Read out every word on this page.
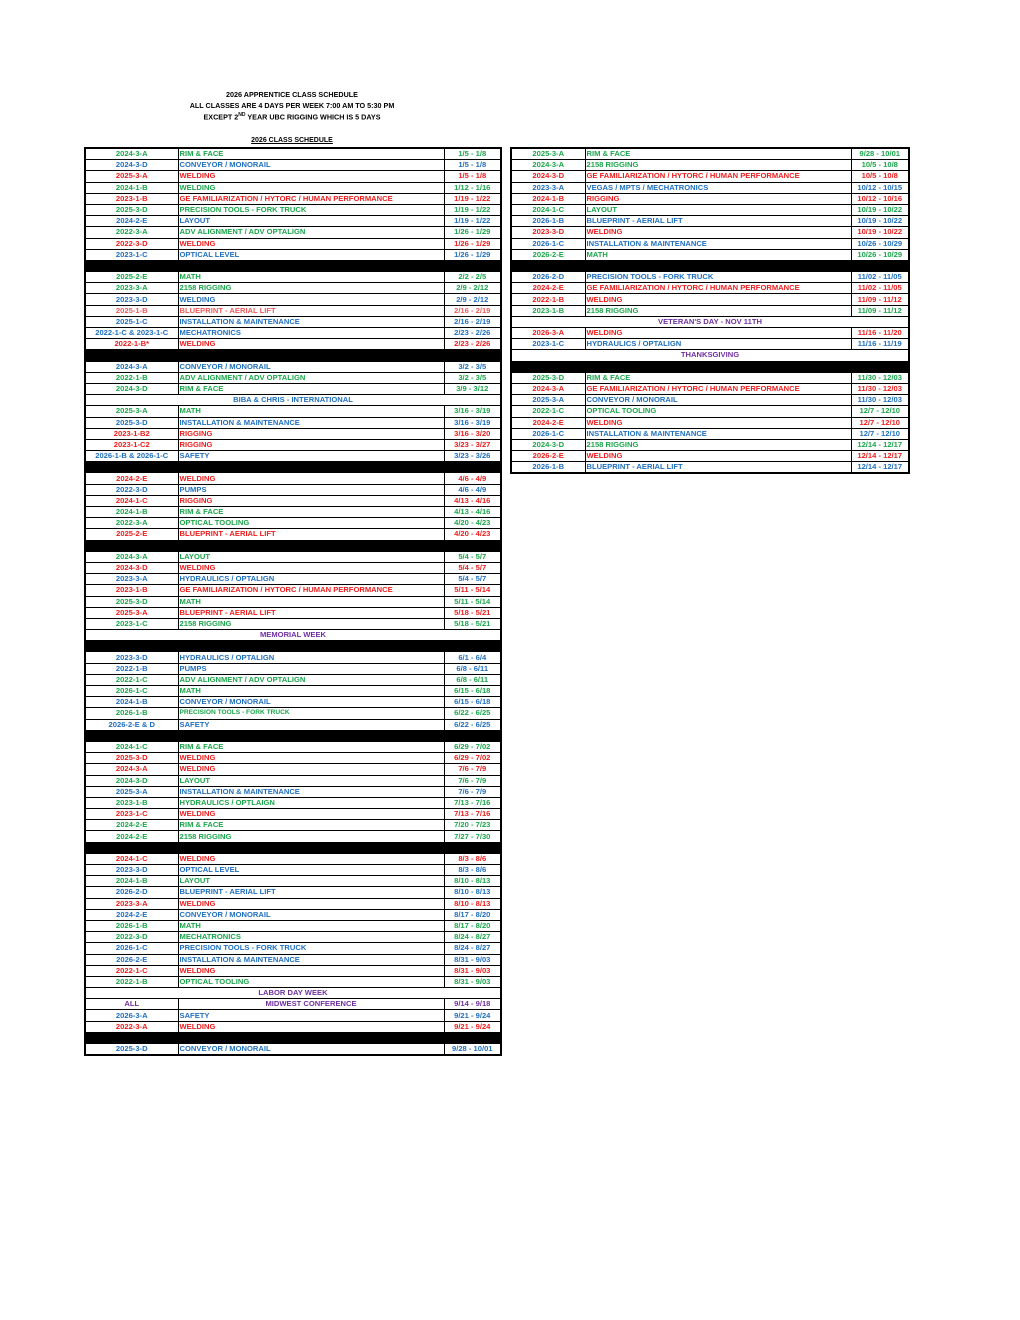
2026 APPRENTICE CLASS SCHEDULE
ALL CLASSES ARE 4 DAYS PER WEEK 7:00 AM TO 5:30 PM
EXCEPT 2ND YEAR UBC RIGGING WHICH IS 5 DAYS
2026 CLASS SCHEDULE
2024-3-A	RIM & FACE	1/5 - 1/8
2024-3-D	CONVEYOR / MONORAIL	1/5 - 1/8
2025-3-A	WELDING	1/5 - 1/8
2024-1-B	WELDING	1/12 - 1/16
2023-1-B	GE FAMILIARIZATION / HYTORC / HUMAN PERFORMANCE	1/19 - 1/22
2025-3-D	PRECISION TOOLS - FORK TRUCK	1/19 - 1/22
2024-2-E	LAYOUT	1/19 - 1/22
2022-3-A	ADV ALIGNMENT / ADV OPTALIGN	1/26 - 1/29
2022-3-D	WELDING	1/26 - 1/29
2023-1-C	OPTICAL LEVEL	1/26 - 1/29

2025-2-E	MATH	2/2 - 2/5
2023-3-A	2158 RIGGING	2/9 - 2/12
2023-3-D	WELDING	2/9 - 2/12
2025-1-B	BLUEPRINT - AERIAL LIFT	2/16 - 2/19
2025-1-C	INSTALLATION & MAINTENANCE	2/16 - 2/19
2022-1-C & 2023-1-C	MECHATRONICS	2/23 - 2/26
2022-1-B*	WELDING	2/23 - 2/26

2024-3-A	CONVEYOR / MONORAIL	3/2 - 3/5
2022-1-B	ADV ALIGNMENT / ADV OPTALIGN	3/2 - 3/5
2024-3-D	RIM & FACE	3/9 - 3/12
BIBA & CHRIS - INTERNATIONAL		
2025-3-A	MATH	3/16 - 3/19
2025-3-D	INSTALLATION & MAINTENANCE	3/16 - 3/19
2023-1-B2	RIGGING	3/16 - 3/20
2023-1-C2	RIGGING	3/23 - 3/27
2026-1-B & 2026-1-C	SAFETY	3/23 - 3/26

2024-2-E	WELDING	4/6 - 4/9
2022-3-D	PUMPS	4/6 - 4/9
2024-1-C	RIGGING	4/13 - 4/16
2024-1-B	RIM & FACE	4/13 - 4/16
2022-3-A	OPTICAL TOOLING	4/20 - 4/23
2025-2-E	BLUEPRINT - AERIAL LIFT	4/20 - 4/23

2024-3-A	LAYOUT	5/4 - 5/7
2024-3-D	WELDING	5/4 - 5/7
2023-3-A	HYDRAULICS / OPTALIGN	5/4 - 5/7
2023-1-B	GE FAMILIARIZATION / HYTORC / HUMAN PERFORMANCE	5/11 - 5/14
2025-3-D	MATH	5/11 - 5/14
2025-3-A	BLUEPRINT - AERIAL LIFT	5/18 - 5/21
2023-1-C	2158 RIGGING	5/18 - 5/21
MEMORIAL WEEK		

2023-3-D	HYDRAULICS / OPTALIGN	6/1 - 6/4
2022-1-B	PUMPS	6/8 - 6/11
2022-1-C	ADV ALIGNMENT / ADV OPTALIGN	6/8 - 6/11
2026-1-C	MATH	6/15 - 6/18
2024-1-B	CONVEYOR / MONORAIL	6/15 - 6/18
2026-1-B	PRECISION TOOLS - FORK TRUCK	6/22 - 6/25
2026-2-E & D	SAFETY	6/22 - 6/25

2024-1-C	RIM & FACE	6/29 - 7/02
2025-3-D	WELDING	6/29 - 7/02
2024-3-A	WELDING	7/6 - 7/9
2024-3-D	LAYOUT	7/6 - 7/9
2025-3-A	INSTALLATION & MAINTENANCE	7/6 - 7/9
2023-1-B	HYDRAULICS / OPTLAIGN	7/13 - 7/16
2023-1-C	WELDING	7/13 - 7/16
2024-2-E	RIM & FACE	7/20 - 7/23
2024-2-E	2158 RIGGING	7/27 - 7/30

2024-1-C	WELDING	8/3 - 8/6
2023-3-D	OPTICAL LEVEL	8/3 - 8/6
2024-1-B	LAYOUT	8/10 - 8/13
2026-2-D	BLUEPRINT - AERIAL LIFT	8/10 - 8/13
2023-3-A	WELDING	8/10 - 8/13
2024-2-E	CONVEYOR / MONORAIL	8/17 - 8/20
2026-1-B	MATH	8/17 - 8/20
2022-3-D	MECHATRONICS	8/24 - 8/27
2026-1-C	PRECISION TOOLS - FORK TRUCK	8/24 - 8/27
2026-2-E	INSTALLATION & MAINTENANCE	8/31 - 9/03
2022-1-C	WELDING	8/31 - 9/03
2022-1-B	OPTICAL TOOLING	8/31 - 9/03
LABOR DAY WEEK		
ALL	MIDWEST CONFERENCE	9/14 - 9/18
2026-3-A	SAFETY	9/21 - 9/24
2022-3-A	WELDING	9/21 - 9/24

2025-3-D	CONVEYOR / MONORAIL	9/28 - 10/01
2025-3-A	RIM & FACE	9/28 - 10/01
2024-3-A	2158 RIGGING	10/5 - 10/8
2024-3-D	GE FAMILIARIZATION / HYTORC / HUMAN PERFORMANCE	10/5 - 10/8
2023-3-A	VEGAS / MPTS / MECHATRONICS	10/12 - 10/15
2024-1-B	RIGGING	10/12 - 10/16
2024-1-C	LAYOUT	10/19 - 10/22
2026-1-B	BLUEPRINT - AERIAL LIFT	10/19 - 10/22
2023-3-D	WELDING	10/19 - 10/22
2026-1-C	INSTALLATION & MAINTENANCE	10/26 - 10/29
2026-2-E	MATH	10/26 - 10/29

2026-2-D	PRECISION TOOLS - FORK TRUCK	11/02 - 11/05
2024-2-E	GE FAMILIARIZATION / HYTORC / HUMAN PERFORMANCE	11/02 - 11/05
2022-1-B	WELDING	11/09 - 11/12
2023-1-B	2158 RIGGING	11/09 - 11/12
VETERAN'S DAY - NOV 11TH		
2026-3-A	WELDING	11/16 - 11/20
2023-1-C	HYDRAULICS / OPTALIGN	11/16 - 11/19
THANKSGIVING		

2025-3-D	RIM & FACE	11/30 - 12/03
2024-3-A	GE FAMILIARIZATION / HYTORC / HUMAN PERFORMANCE	11/30 - 12/03
2025-3-A	CONVEYOR / MONORAIL	11/30 - 12/03
2022-1-C	OPTICAL TOOLING	12/7 - 12/10
2024-2-E	WELDING	12/7 - 12/10
2026-1-C	INSTALLATION & MAINTENANCE	12/7 - 12/10
2024-3-D	2158 RIGGING	12/14 - 12/17
2026-2-E	WELDING	12/14 - 12/17
2026-1-B	BLUEPRINT - AERIAL LIFT	12/14 - 12/17
